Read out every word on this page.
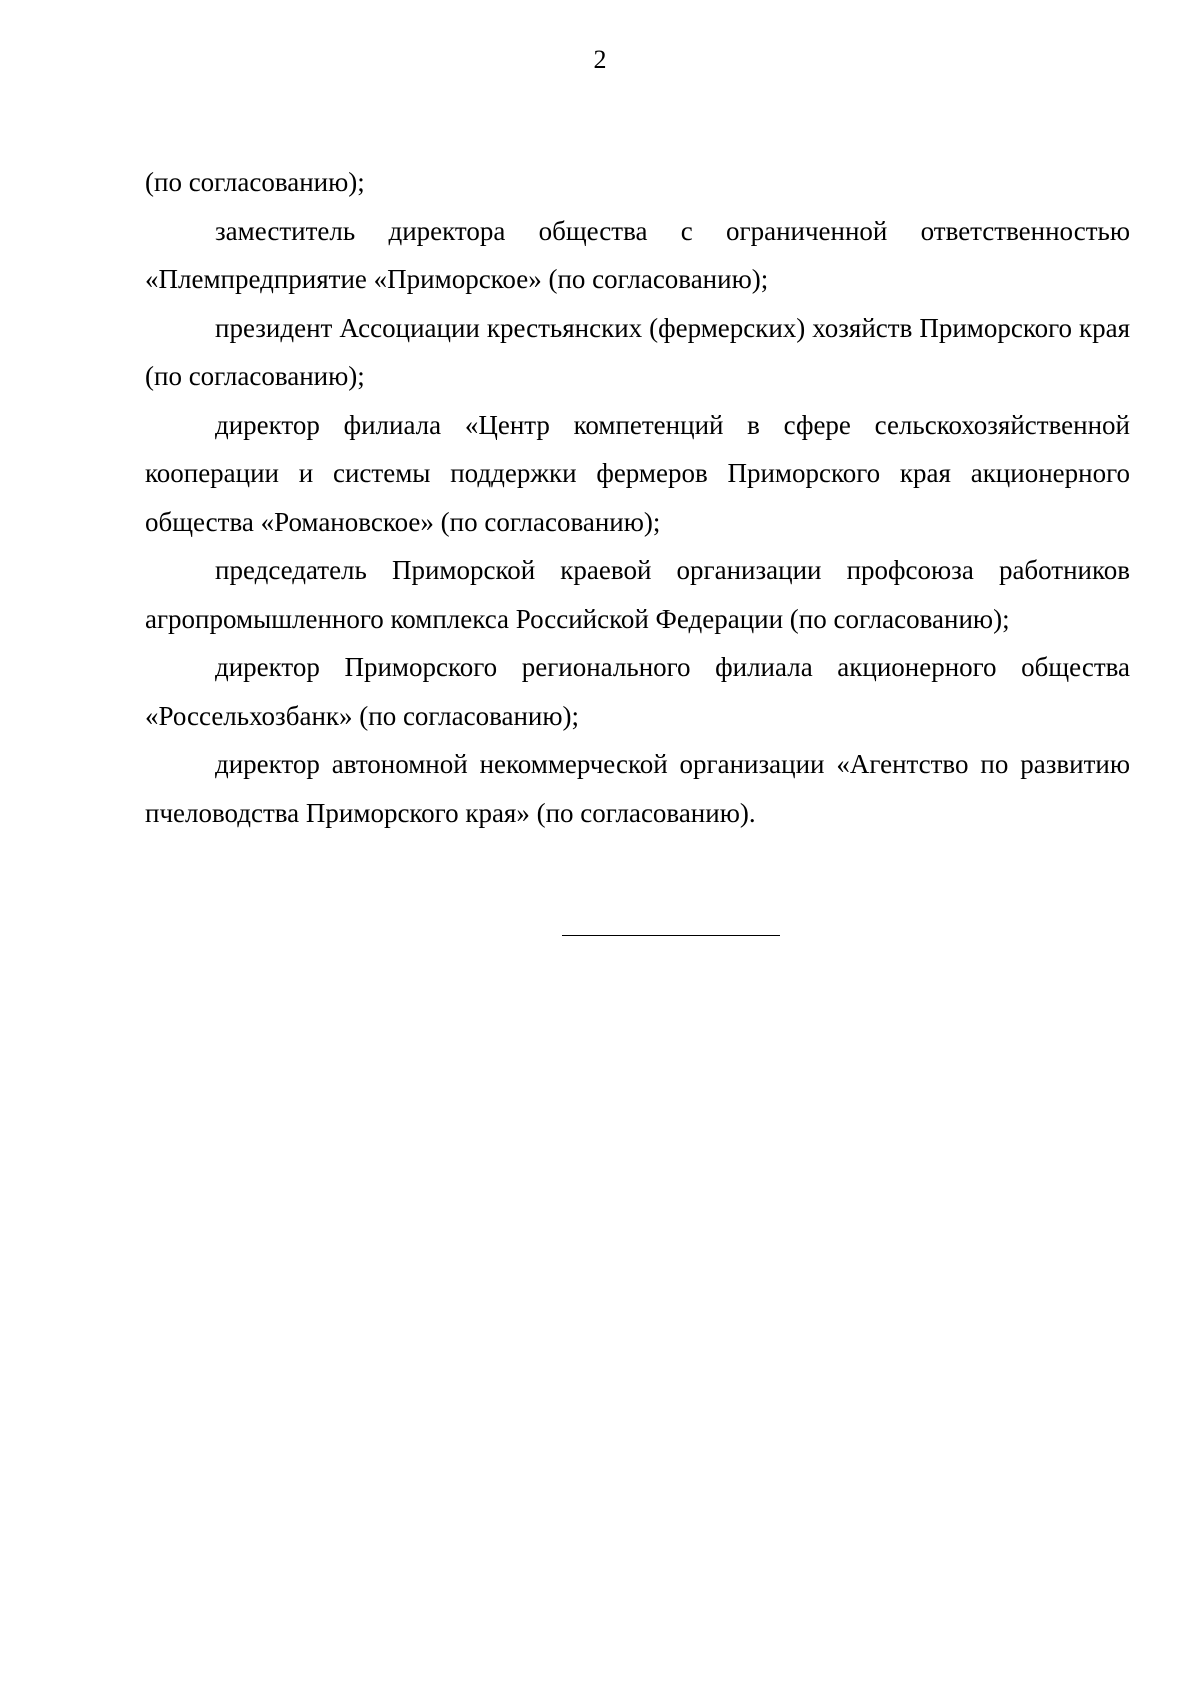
2

(по согласованию);

заместитель директора общества с ограниченной ответственностью «Племпредприятие «Приморское» (по согласованию);

президент Ассоциации крестьянских (фермерских) хозяйств Приморского края (по согласованию);

директор филиала «Центр компетенций в сфере сельскохозяйственной кооперации и системы поддержки фермеров Приморского края акционерного общества «Романовское» (по согласованию);

председатель Приморской краевой организации профсоюза работников агропромышленного комплекса Российской Федерации (по согласованию);

директор Приморского регионального филиала акционерного общества «Россельхозбанк» (по согласованию);

директор автономной некоммерческой организации «Агентство по развитию пчеловодства Приморского края» (по согласованию).
